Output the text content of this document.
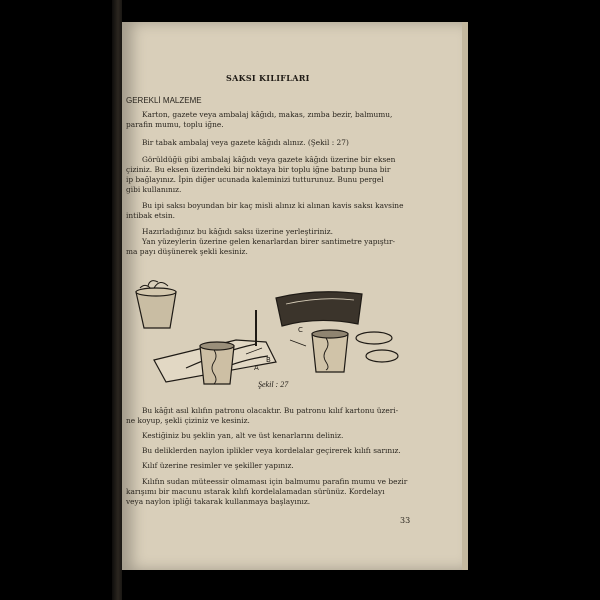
SAKSI KILIFLARI
GEREKLİ MALZEME
Karton, gazete veya ambalaj kâğıdı, makas, zımba bezir, balmumu,
parafin mumu, toplu iğne.
Bir tabak ambalaj veya gazete kâğıdı alınız. (Şekil : 27)
Görüldüğü gibi ambalaj kâğıdı veya gazete kâğıdı üzerine bir eksen
çiziniz. Bu eksen üzerindeki bir noktaya bir toplu iğne batırıp buna bir
ip bağlayınız. İpin diğer ucunada kaleminizi tutturunuz. Bunu pergel
gibi kullanınız.
Bu ipi saksı boyundan bir kaç misli alınız ki alınan kavis saksı kavsine
intibak etsin.
Hazırladığınız bu kâğıdı saksı üzerine yerleştiriniz.
Yan yüzeylerin üzerine gelen kenarlardan birer santimetre yapıştır-
ma payı düşünerek şekli kesiniz.
A
B
C
Şekil : 27
Bu kâğıt asıl kılıfın patronu olacaktır. Bu patronu kılıf kartonu üzeri-
ne koyup, şekli çiziniz ve kesiniz.
Kestiğiniz bu şeklin yan, alt ve üst kenarlarını deliniz.
Bu deliklerden naylon iplikler veya kordelalar geçirerek kılıfı sarınız.
Kılıf üzerine resimler ve şekiller yapınız.
Kılıfın sudan müteessir olmaması için balmumu parafin mumu ve bezir
karışımı bir macunu ıstarak kılıfı kordelalamadan sürünüz. Kordelayı
veya naylon ipliği takarak kullanmaya başlayınız.
33
